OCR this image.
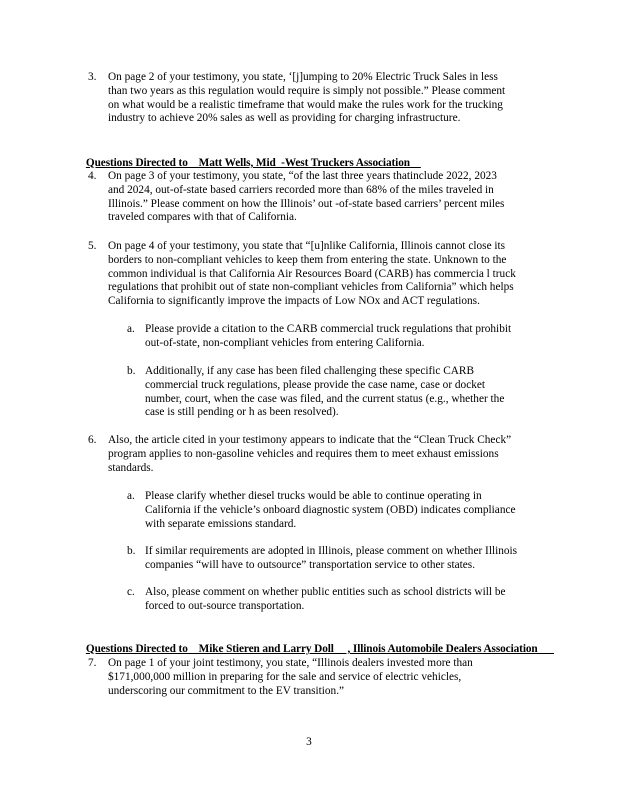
3. On page 2 of your testimony, you state, ‘[j]umping to 20% Electric Truck Sales in less
than two years as this regulation would require is simply not possible.” Please comment
on what would be a realistic timeframe that would make the rules work for the trucking
industry to achieve 20% sales as well as providing for charging infrastructure.

Questions Directed to    Matt Wells, Mid  -West Truckers Association

4. On page 3 of your testimony, you state, “of the last three years thatinclude 2022, 2023
and 2024, out-of-state based carriers recorded more than 68% of the miles traveled in
Illinois.” Please comment on how the Illinois’ out -of-state based carriers’ percent miles
traveled compares with that of California.
5. On page 4 of your testimony, you state that “[u]nlike California, Illinois cannot close its
borders to non-compliant vehicles to keep them from entering the state. Unknown to the
common individual is that California Air Resources Board (CARB) has commercia l truck
regulations that prohibit out of state non-compliant vehicles from California” which helps
California to significantly improve the impacts of Low NOx and ACT regulations.
a. Please provide a citation to the CARB commercial truck regulations that prohibit
out-of-state, non-compliant vehicles from entering California.
b. Additionally, if any case has been filed challenging these specific CARB
commercial truck regulations, please provide the case name, case or docket
number, court, when the case was filed, and the current status (e.g., whether the
case is still pending or h as been resolved).
6. Also, the article cited in your testimony appears to indicate that the “Clean Truck Check”
program applies to non-gasoline vehicles and requires them to meet exhaust emissions
standards.
a. Please clarify whether diesel trucks would be able to continue operating in
California if the vehicle’s onboard diagnostic system (OBD) indicates compliance
with separate emissions standard.
b. If similar requirements are adopted in Illinois, please comment on whether Illinois
companies “will have to outsource” transportation service to other states.
c. Also, please comment on whether public entities such as school districts will be
forced to out-source transportation.

Questions Directed to    Mike Stieren and Larry Doll     , Illinois Automobile Dealers Association

7. On page 1 of your joint testimony, you state, “Illinois dealers invested more than
$171,000,000 million in preparing for the sale and service of electric vehicles,
underscoring our commitment to the EV transition.”
3
